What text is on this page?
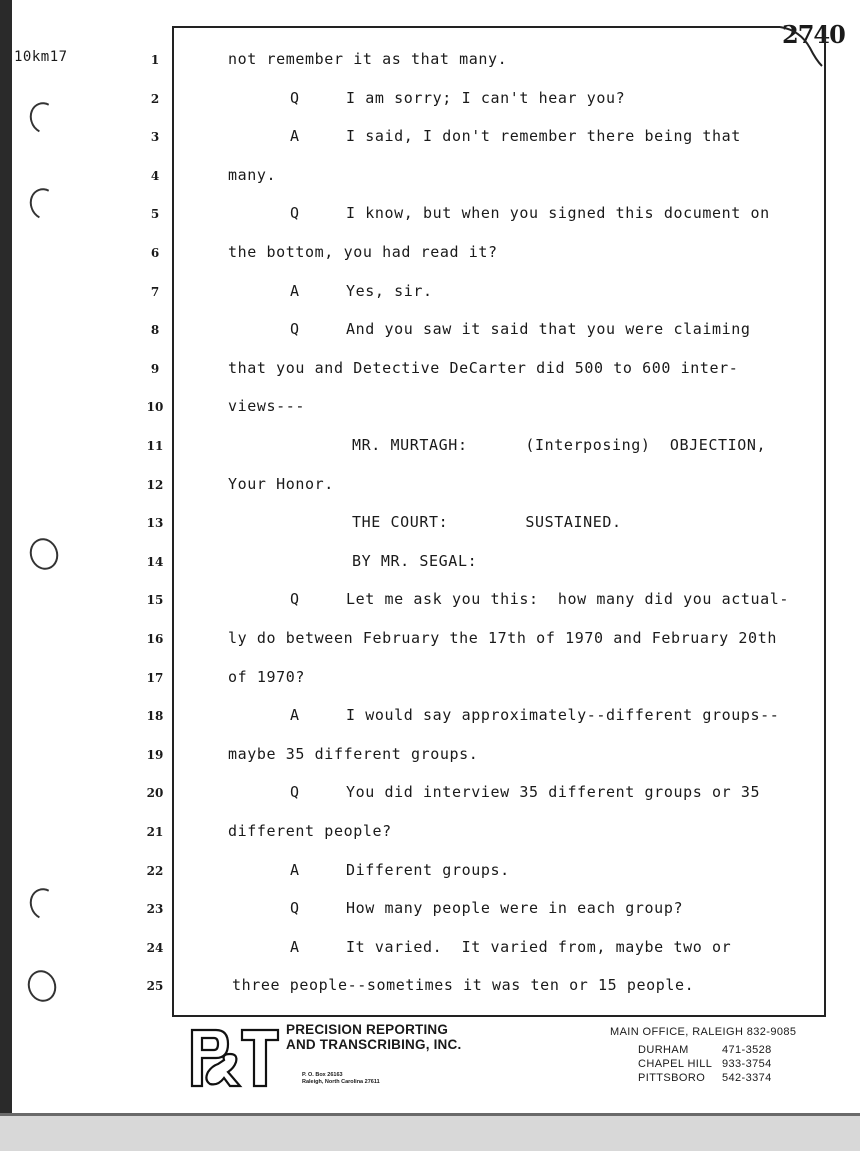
10km17
2740
1	not remember it as that many.
2	Q	I am sorry; I can't hear you?
3	A	I said, I don't remember there being that
4	many.
5	Q	I know, but when you signed this document on
6	the bottom, you had read it?
7	A	Yes, sir.
8	Q	And you saw it said that you were claiming
9	that you and Detective DeCarter did 500 to 600 inter-
10	views---
11	MR. MURTAGH:      (Interposing)  OBJECTION,
12	Your Honor.
13	THE COURT:        SUSTAINED.
14	BY MR. SEGAL:
15	Q	Let me ask you this:  how many did you actual-
16	ly do between February the 17th of 1970 and February 20th
17	of 1970?
18	A	I would say approximately--different groups--
19	maybe 35 different groups.
20	Q	You did interview 35 different groups or 35
21	different people?
22	A	Different groups.
23	Q	How many people were in each group?
24	A	It varied.  It varied from, maybe two or
25	three people--sometimes it was ten or 15 people.
P&T
PRECISION REPORTING
AND TRANSCRIBING, INC.
P. O. Box 26163
Raleigh, North Carolina 27611
MAIN OFFICE, RALEIGH 832-9085
DURHAM	471-3528
CHAPEL HILL 933-3754
PITTSBORO	542-3374
